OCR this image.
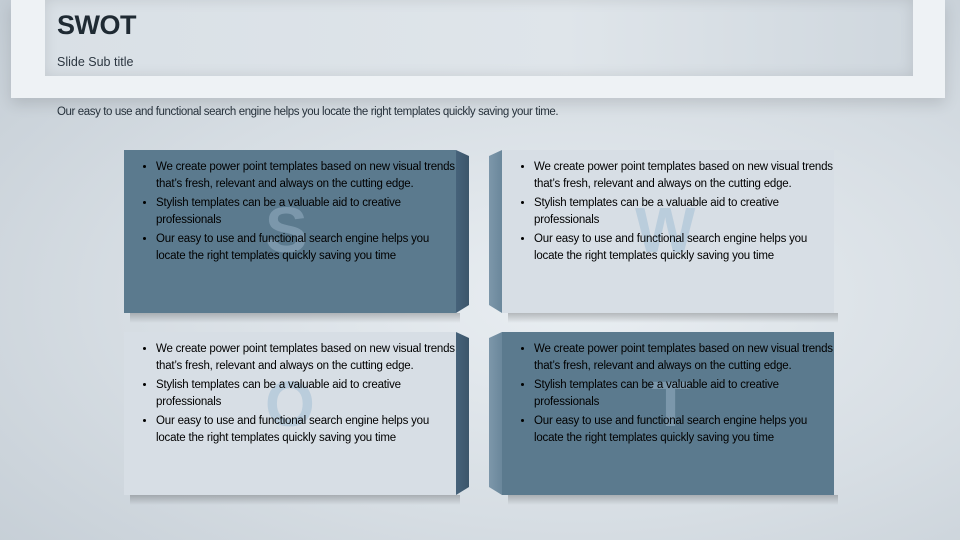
SWOT
Slide Sub title
Our easy to use and functional search engine helps you locate the right templates quickly saving your time.
S
• We create power point templates based on new visual trends that’s fresh, relevant and always on the cutting edge.
• Stylish templates can be a valuable aid to creative professionals
• Our easy to use and functional search engine helps you locate the right templates quickly saving you time	W
• We create power point templates based on new visual trends that’s fresh, relevant and always on the cutting edge.
• Stylish templates can be a valuable aid to creative professionals
• Our easy to use and functional search engine helps you locate the right templates quickly saving you time
O
• We create power point templates based on new visual trends that’s fresh, relevant and always on the cutting edge.
• Stylish templates can be a valuable aid to creative professionals
• Our easy to use and functional search engine helps you locate the right templates quickly saving you time	T
• We create power point templates based on new visual trends that’s fresh, relevant and always on the cutting edge.
• Stylish templates can be a valuable aid to creative professionals
• Our easy to use and functional search engine helps you locate the right templates quickly saving you time
